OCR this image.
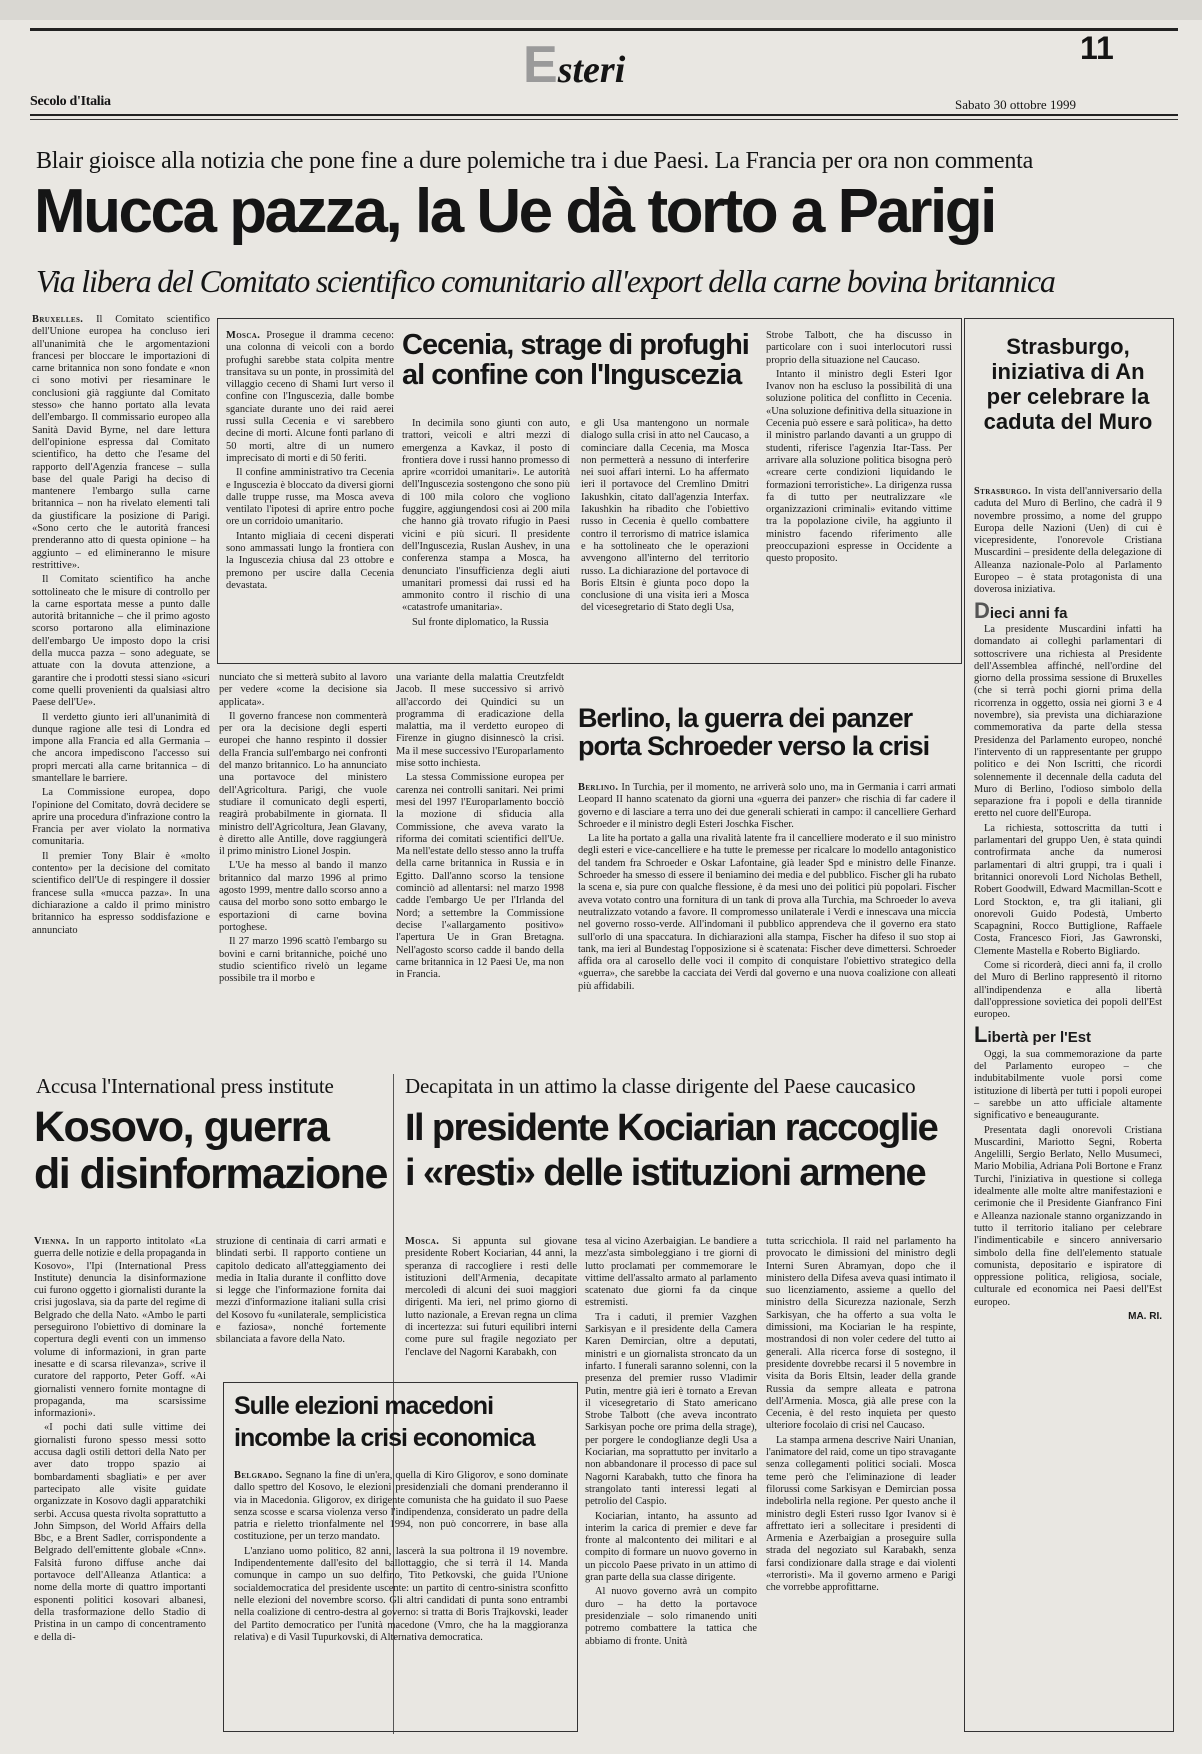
Esteri
11
Secolo d'Italia	Sabato 30 ottobre 1999
Blair gioisce alla notizia che pone fine a dure polemiche tra i due Paesi. La Francia per ora non commenta
Mucca pazza, la Ue dà torto a Parigi
Via libera del Comitato scientifico comunitario all'export della carne bovina britannica

Bruxelles. Il Comitato scientifico dell'Unione europea ha concluso ieri all'unanimità che le argomentazioni francesi per bloccare le importazioni di carne britannica non sono fondate e «non ci sono motivi per riesaminare le conclusioni già raggiunte dal Comitato stesso» che hanno portato alla levata dell'embargo. Il commissario europeo alla Sanità David Byrne, nel dare lettura dell'opinione espressa dal Comitato scientifico, ha detto che l'esame del rapporto dell'Agenzia francese – sulla base del quale Parigi ha deciso di mantenere l'embargo sulla carne britannica – non ha rivelato elementi tali da giustificare la posizione di Parigi. «Sono certo che le autorità francesi prenderanno atto di questa opinione – ha aggiunto – ed elimineranno le misure restrittive».

Il Comitato scientifico ha anche sottolineato che le misure di controllo per la carne esportata messe a punto dalle autorità britanniche – che il primo agosto scorso portarono alla eliminazione dell'embargo Ue imposto dopo la crisi della mucca pazza – sono adeguate, se attuate con la dovuta attenzione, a garantire che i prodotti stessi siano «sicuri come quelli provenienti da qualsiasi altro Paese dell'Ue».

Il verdetto giunto ieri all'unanimità di dunque ragione alle tesi di Londra ed impone alla Francia ed alla Germania – che ancora impediscono l'accesso sui propri mercati alla carne britannica – di smantellare le barriere.

La Commissione europea, dopo l'opinione del Comitato, dovrà decidere se aprire una procedura d'infrazione contro la Francia per aver violato la normativa comunitaria.

Il premier Tony Blair è «molto contento» per la decisione del comitato scientifico dell'Ue di respingere il dossier francese sulla «mucca pazza». In una dichiarazione a caldo il primo ministro britannico ha espresso soddisfazione e annunciato

nunciato che si metterà subito al lavoro per vedere «come la decisione sia applicata».

Il governo francese non commenterà per ora la decisione degli esperti europei che hanno respinto il dossier della Francia sull'embargo nei confronti del manzo britannico. Lo ha annunciato una portavoce del ministero dell'Agricoltura. Parigi, che vuole studiare il comunicato degli esperti, reagirà probabilmente in giornata. Il ministro dell'Agricoltura, Jean Glavany, è diretto alle Antille, dove raggiungerà il primo ministro Lionel Jospin.

L'Ue ha messo al bando il manzo britannico dal marzo 1996 al primo agosto 1999, mentre dallo scorso anno a causa del morbo sono sotto embargo le esportazioni di carne bovina portoghese.

Il 27 marzo 1996 scattò l'embargo su bovini e carni britanniche, poiché uno studio scientifico rivelò un legame possibile tra il morbo e

una variante della malattia Creutzfeldt Jacob. Il mese successivo si arrivò all'accordo dei Quindici su un programma di eradicazione della malattia, ma il verdetto europeo di Firenze in giugno disinnescò la crisi. Ma il mese successivo l'Europarlamento mise sotto inchiesta.

La stessa Commissione europea per carenza nei controlli sanitari. Nei primi mesi del 1997 l'Europarlamento bocciò la mozione di sfiducia alla Commissione, che aveva varato la riforma dei comitati scientifici dell'Ue. Ma nell'estate dello stesso anno la truffa della carne britannica in Russia e in Egitto. Dall'anno scorso la tensione cominciò ad allentarsi: nel marzo 1998 cadde l'embargo Ue per l'Irlanda del Nord; a settembre la Commissione decise l'«allargamento positivo» l'apertura Ue in Gran Bretagna. Nell'agosto scorso cadde il bando della carne britannica in 12 Paesi Ue, ma non in Francia.

Cecenia, strage di profughi
al confine con l'Inguscezia

Mosca. Prosegue il dramma ceceno: una colonna di veicoli con a bordo profughi sarebbe stata colpita mentre transitava su un ponte, in prossimità del villaggio ceceno di Shami Iurt verso il confine con l'Inguscezia, dalle bombe sganciate durante uno dei raid aerei russi sulla Cecenia e vi sarebbero decine di morti. Alcune fonti parlano di 50 morti, altre di un numero imprecisato di morti e di 50 feriti.

Il confine amministrativo tra Cecenia e Inguscezia è bloccato da diversi giorni dalle truppe russe, ma Mosca aveva ventilato l'ipotesi di aprire entro poche ore un corridoio umanitario.

Intanto migliaia di ceceni disperati sono ammassati lungo la frontiera con la Inguscezia chiusa dal 23 ottobre e premono per uscire dalla Cecenia devastata.

In decimila sono giunti con auto, trattori, veicoli e altri mezzi di emergenza a Kavkaz, il posto di frontiera dove i russi hanno promesso di aprire «corridoi umanitari». Le autorità dell'Inguscezia sostengono che sono più di 100 mila coloro che vogliono fuggire, aggiungendosi così ai 200 mila che hanno già trovato rifugio in Paesi vicini e più sicuri. Il presidente dell'Inguscezia, Ruslan Aushev, in una conferenza stampa a Mosca, ha denunciato l'insufficienza degli aiuti umanitari promessi dai russi ed ha ammonito contro il rischio di una «catastrofe umanitaria».

Sul fronte diplomatico, la Russia

e gli Usa mantengono un normale dialogo sulla crisi in atto nel Caucaso, a cominciare dalla Cecenia, ma Mosca non permetterà a nessuno di interferire nei suoi affari interni. Lo ha affermato ieri il portavoce del Cremlino Dmitri Iakushkin, citato dall'agenzia Interfax. Iakushkin ha ribadito che l'obiettivo russo in Cecenia è quello combattere contro il terrorismo di matrice islamica e ha sottolineato che le operazioni avvengono all'interno del territorio russo. La dichiarazione del portavoce di Boris Eltsin è giunta poco dopo la conclusione di una visita ieri a Mosca del vicesegretario di Stato degli Usa,

Strobe Talbott, che ha discusso in particolare con i suoi interlocutori russi proprio della situazione nel Caucaso.

Intanto il ministro degli Esteri Igor Ivanov non ha escluso la possibilità di una soluzione politica del conflitto in Cecenia. «Una soluzione definitiva della situazione in Cecenia può essere e sarà politica», ha detto il ministro parlando davanti a un gruppo di studenti, riferisce l'agenzia Itar-Tass. Per arrivare alla soluzione politica bisogna però «creare certe condizioni liquidando le formazioni terroristiche». La dirigenza russa fa di tutto per neutralizzare «le organizzazioni criminali» evitando vittime tra la popolazione civile, ha aggiunto il ministro facendo riferimento alle preoccupazioni espresse in Occidente a questo proposito.

Strasburgo, iniziativa di An per celebrare la caduta del Muro

Strasburgo. In vista dell'anniversario della caduta del Muro di Berlino, che cadrà il 9 novembre prossimo, a nome del gruppo Europa delle Nazioni (Uen) di cui è vicepresidente, l'onorevole Cristiana Muscardini – presidente della delegazione di Alleanza nazionale-Polo al Parlamento Europeo – è stata protagonista di una doverosa iniziativa.

Dieci anni fa

La presidente Muscardini infatti ha domandato ai colleghi parlamentari di sottoscrivere una richiesta al Presidente dell'Assemblea affinché, nell'ordine del giorno della prossima sessione di Bruxelles (che si terrà pochi giorni prima della ricorrenza in oggetto, ossia nei giorni 3 e 4 novembre), sia prevista una dichiarazione commemorativa da parte della stessa Presidenza del Parlamento europeo, nonché l'intervento di un rappresentante per gruppo politico e dei Non Iscritti, che ricordi solennemente il decennale della caduta del Muro di Berlino, l'odioso simbolo della separazione fra i popoli e della tirannide eretto nel cuore dell'Europa.

La richiesta, sottoscritta da tutti i parlamentari del gruppo Uen, è stata quindi controfirmata anche da numerosi parlamentari di altri gruppi, tra i quali i britannici onorevoli Lord Nicholas Bethell, Robert Goodwill, Edward Macmillan-Scott e Lord Stockton, e, tra gli italiani, gli onorevoli Guido Podestà, Umberto Scapagnini, Rocco Buttiglione, Raffaele Costa, Francesco Fiori, Jas Gawronski, Clemente Mastella e Roberto Bigliardo.

Come si ricorderà, dieci anni fa, il crollo del Muro di Berlino rappresentò il ritorno all'indipendenza e alla libertà dall'oppressione sovietica dei popoli dell'Est europeo.

Libertà per l'Est

Oggi, la sua commemorazione da parte del Parlamento europeo – che indubitabilmente vuole porsi come istituzione di libertà per tutti i popoli europei – sarebbe un atto ufficiale altamente significativo e beneaugurante.

Presentata dagli onorevoli Cristiana Muscardini, Mariotto Segni, Roberta Angelilli, Sergio Berlato, Nello Musumeci, Mario Mobilia, Adriana Poli Bortone e Franz Turchi, l'iniziativa in questione si collega idealmente alle molte altre manifestazioni e cerimonie che il Presidente Gianfranco Fini e Alleanza nazionale stanno organizzando in tutto il territorio italiano per celebrare l'indimenticabile e sincero anniversario simbolo della fine dell'elemento statuale comunista, depositario e ispiratore di oppressione politica, religiosa, sociale, culturale ed economica nei Paesi dell'Est europeo.

MA. RI.
Berlino, la guerra dei panzer
porta Schroeder verso la crisi

Berlino. In Turchia, per il momento, ne arriverà solo uno, ma in Germania i carri armati Leopard II hanno scatenato da giorni una «guerra dei panzer» che rischia di far cadere il governo e di lasciare a terra uno dei due generali schierati in campo: il cancelliere Gerhard Schroeder e il ministro degli Esteri Joschka Fischer.

La lite ha portato a galla una rivalità latente fra il cancelliere moderato e il suo ministro degli esteri e vice-cancelliere e ha tutte le premesse per ricalcare lo modello antagonistico del tandem fra Schroeder e Oskar Lafontaine, già leader Spd e ministro delle Finanze. Schroeder ha smesso di essere il beniamino dei media e del pubblico. Fischer gli ha rubato la scena e, sia pure con qualche flessione, è da mesi uno dei politici più popolari. Fischer aveva votato contro una fornitura di un tank di prova alla Turchia, ma Schroeder lo aveva neutralizzato votando a favore. Il compromesso unilaterale i Verdi e innescava una miccia nel governo rosso-verde. All'indomani il pubblico apprendeva che il governo era stato sull'orlo di una spaccatura. In dichiarazioni alla stampa, Fischer ha difeso il suo stop ai tank, ma ieri al Bundestag l'opposizione si è scatenata: Fischer deve dimettersi. Schroeder affida ora al carosello delle voci il compito di conquistare l'obiettivo strategico della «guerra», che sarebbe la cacciata dei Verdi dal governo e una nuova coalizione con alleati più affidabili.

Accusa l'International press institute
Kosovo, guerra
di disinformazione

Vienna. In un rapporto intitolato «La guerra delle notizie e della propaganda in Kosovo», l'Ipi (International Press Institute) denuncia la disinformazione cui furono oggetto i giornalisti durante la crisi jugoslava, sia da parte del regime di Belgrado che della Nato. «Ambo le parti perseguirono l'obiettivo di dominare la copertura degli eventi con un immenso volume di informazioni, in gran parte inesatte e di scarsa rilevanza», scrive il curatore del rapporto, Peter Goff. «Ai giornalisti vennero fornite montagne di propaganda, ma scarsissime informazioni».

«I pochi dati sulle vittime dei giornalisti furono spesso messi sotto accusa dagli ostili dettori della Nato per aver dato troppo spazio ai bombardamenti sbagliati» e per aver partecipato alle visite guidate organizzate in Kosovo dagli apparatchiki serbi. Accusa questa rivolta soprattutto a John Simpson, del World Affairs della Bbc, e a Brent Sadler, corrispondente a Belgrado dell'emittente globale «Cnn». Falsità furono diffuse anche dai portavoce dell'Alleanza Atlantica: a nome della morte di quattro importanti esponenti politici kosovari albanesi, della trasformazione dello Stadio di Pristina in un campo di concentramento e della di-

struzione di centinaia di carri armati e blindati serbi. Il rapporto contiene un capitolo dedicato all'atteggiamento dei media in Italia durante il conflitto dove si legge che l'informazione fornita dai mezzi d'informazione italiani sulla crisi del Kosovo fu «unilaterale, semplicistica e faziosa», nonché fortemente sbilanciata a favore della Nato.

Decapitata in un attimo la classe dirigente del Paese caucasico
Il presidente Kociarian raccoglie
i «resti» delle istituzioni armene

Mosca. Si appunta sul giovane presidente Robert Kociarian, 44 anni, la speranza di raccogliere i resti delle istituzioni dell'Armenia, decapitate mercoledì di alcuni dei suoi maggiori dirigenti. Ma ieri, nel primo giorno di lutto nazionale, a Erevan regna un clima di incertezza: sui futuri equilibri interni come pure sul fragile negoziato per l'enclave del Nagorni Karabakh, con

tesa al vicino Azerbaigian. Le bandiere a mezz'asta simboleggiano i tre giorni di lutto proclamati per commemorare le vittime dell'assalto armato al parlamento scatenato due giorni fa da cinque estremisti.

Tra i caduti, il premier Vazghen Sarkisyan e il presidente della Camera Karen Demircian, oltre a deputati, ministri e un giornalista stroncato da un infarto. I funerali saranno solenni, con la presenza del premier russo Vladimir Putin, mentre già ieri è tornato a Erevan il vicesegretario di Stato americano Strobe Talbott (che aveva incontrato Sarkisyan poche ore prima della strage), per porgere le condoglianze degli Usa a Kociarian, ma soprattutto per invitarlo a non abbandonare il processo di pace sul Nagorni Karabakh, tutto che finora ha strangolato tanti interessi legati al petrolio del Caspio.

Kociarian, intanto, ha assunto ad interim la carica di premier e deve far fronte al malcontento dei militari e al compito di formare un nuovo governo in un piccolo Paese privato in un attimo di gran parte della sua classe dirigente.

Al nuovo governo avrà un compito duro – ha detto la portavoce presidenziale – solo rimanendo uniti potremo combattere la tattica che abbiamo di fronte. Unità

tutta scricchiola. Il raid nel parlamento ha provocato le dimissioni del ministro degli Interni Suren Abramyan, dopo che il ministero della Difesa aveva quasi intimato il suo licenziamento, assieme a quello del ministro della Sicurezza nazionale, Serzh Sarkisyan, che ha offerto a sua volta le dimissioni, ma Kociarian le ha respinte, mostrandosi di non voler cedere del tutto ai generali. Alla ricerca forse di sostegno, il presidente dovrebbe recarsi il 5 novembre in visita da Boris Eltsin, leader della grande Russia da sempre alleata e patrona dell'Armenia. Mosca, già alle prese con la Cecenia, è del resto inquieta per questo ulteriore focolaio di crisi nel Caucaso.

La stampa armena descrive Nairi Unanian, l'animatore del raid, come un tipo stravagante senza collegamenti politici sociali. Mosca teme però che l'eliminazione di leader filorussi come Sarkisyan e Demircian possa indebolirla nella regione. Per questo anche il ministro degli Esteri russo Igor Ivanov si è affrettato ieri a sollecitare i presidenti di Armenia e Azerbaigian a proseguire sulla strada del negoziato sul Karabakh, senza farsi condizionare dalla strage e dai violenti «terroristi». Ma il governo armeno e Parigi che vorrebbe approfittarne.

Sulle elezioni macedoni
incombe la crisi economica

Belgrado. Segnano la fine di un'era, quella di Kiro Gligorov, e sono dominate dallo spettro del Kosovo, le elezioni presidenziali che domani prenderanno il via in Macedonia. Gligorov, ex dirigente comunista che ha guidato il suo Paese senza scosse e scarsa violenza verso l'indipendenza, considerato un padre della patria e rieletto trionfalmente nel 1994, non può concorrere, in base alla costituzione, per un terzo mandato.

L'anziano uomo politico, 82 anni, lascerà la sua poltrona il 19 novembre. Indipendentemente dall'esito del ballottaggio, che si terrà il 14. Manda comunque in campo un suo delfino, Tito Petkovski, che guida l'Unione socialdemocratica del presidente uscente: un partito di centro-sinistra sconfitto nelle elezioni del novembre scorso. Gli altri candidati di punta sono entrambi nella coalizione di centro-destra al governo: si tratta di Boris Trajkovski, leader del Partito democratico per l'unità macedone (Vmro, che ha la maggioranza relativa) e di Vasil Tupurkovski, di Alternativa democratica.
